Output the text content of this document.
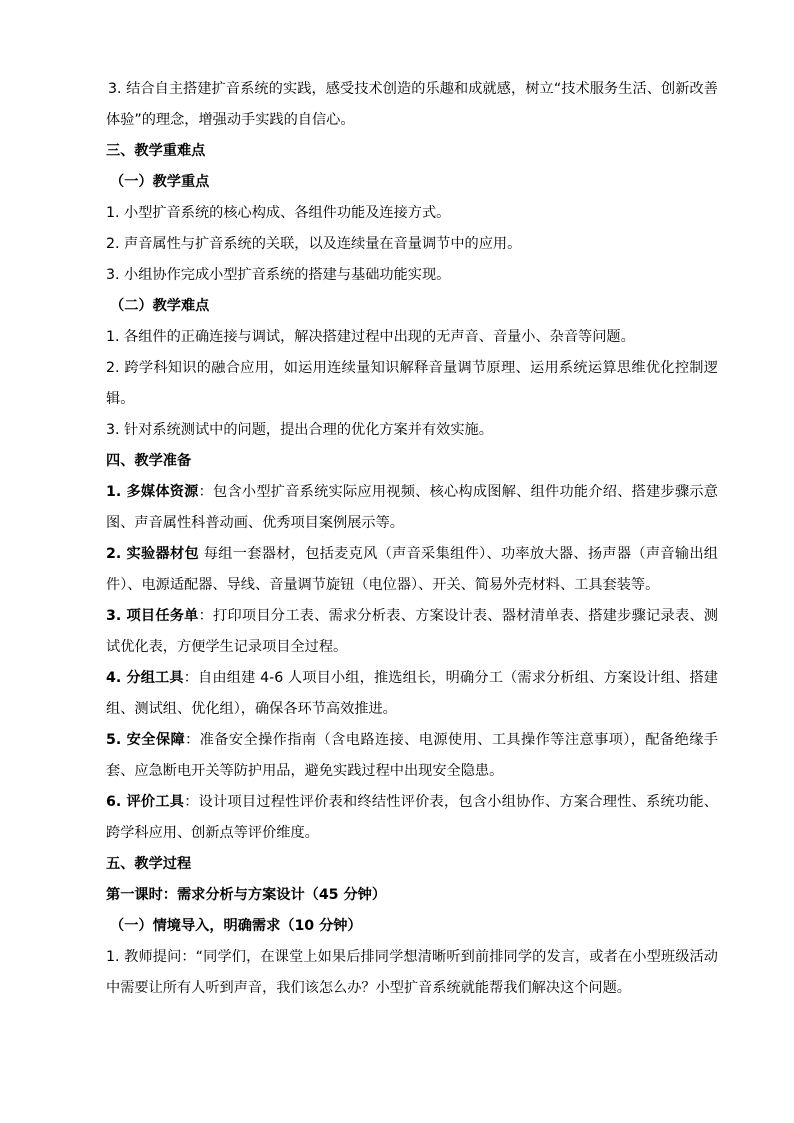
3. 结合自主搭建扩音系统的实践，感受技术创造的乐趣和成就感，树立“技术服务生活、创新改善体验”的理念，增强动手实践的自信心。

三、教学重难点

（一）教学重点

1. 小型扩音系统的核心构成、各组件功能及连接方式。

2. 声音属性与扩音系统的关联，以及连续量在音量调节中的应用。

3. 小组协作完成小型扩音系统的搭建与基础功能实现。

（二）教学难点

1. 各组件的正确连接与调试，解决搭建过程中出现的无声音、音量小、杂音等问题。

2. 跨学科知识的融合应用，如运用连续量知识解释音量调节原理、运用系统运算思维优化控制逻辑。

3. 针对系统测试中的问题，提出合理的优化方案并有效实施。

四、教学准备

1. 多媒体资源：包含小型扩音系统实际应用视频、核心构成图解、组件功能介绍、搭建步骤示意图、声音属性科普动画、优秀项目案例展示等。

2. 实验器材包 每组一套器材，包括麦克风（声音采集组件）、功率放大器、扬声器（声音输出组件）、电源适配器、导线、音量调节旋钮（电位器）、开关、简易外壳材料、工具套装等。

3. 项目任务单：打印项目分工表、需求分析表、方案设计表、器材清单表、搭建步骤记录表、测试优化表，方便学生记录项目全过程。

4. 分组工具：自由组建 4-6 人项目小组，推选组长，明确分工（需求分析组、方案设计组、搭建组、测试组、优化组），确保各环节高效推进。

5. 安全保障：准备安全操作指南（含电路连接、电源使用、工具操作等注意事项），配备绝缘手套、应急断电开关等防护用品，避免实践过程中出现安全隐患。

6. 评价工具：设计项目过程性评价表和终结性评价表，包含小组协作、方案合理性、系统功能、跨学科应用、创新点等评价维度。

五、教学过程

第一课时：需求分析与方案设计（45 分钟）

（一）情境导入，明确需求（10 分钟）

1. 教师提问：“同学们，在课堂上如果后排同学想清晰听到前排同学的发言，或者在小型班级活动中需要让所有人听到声音，我们该怎么办？小型扩音系统就能帮我们解决这个问题。
